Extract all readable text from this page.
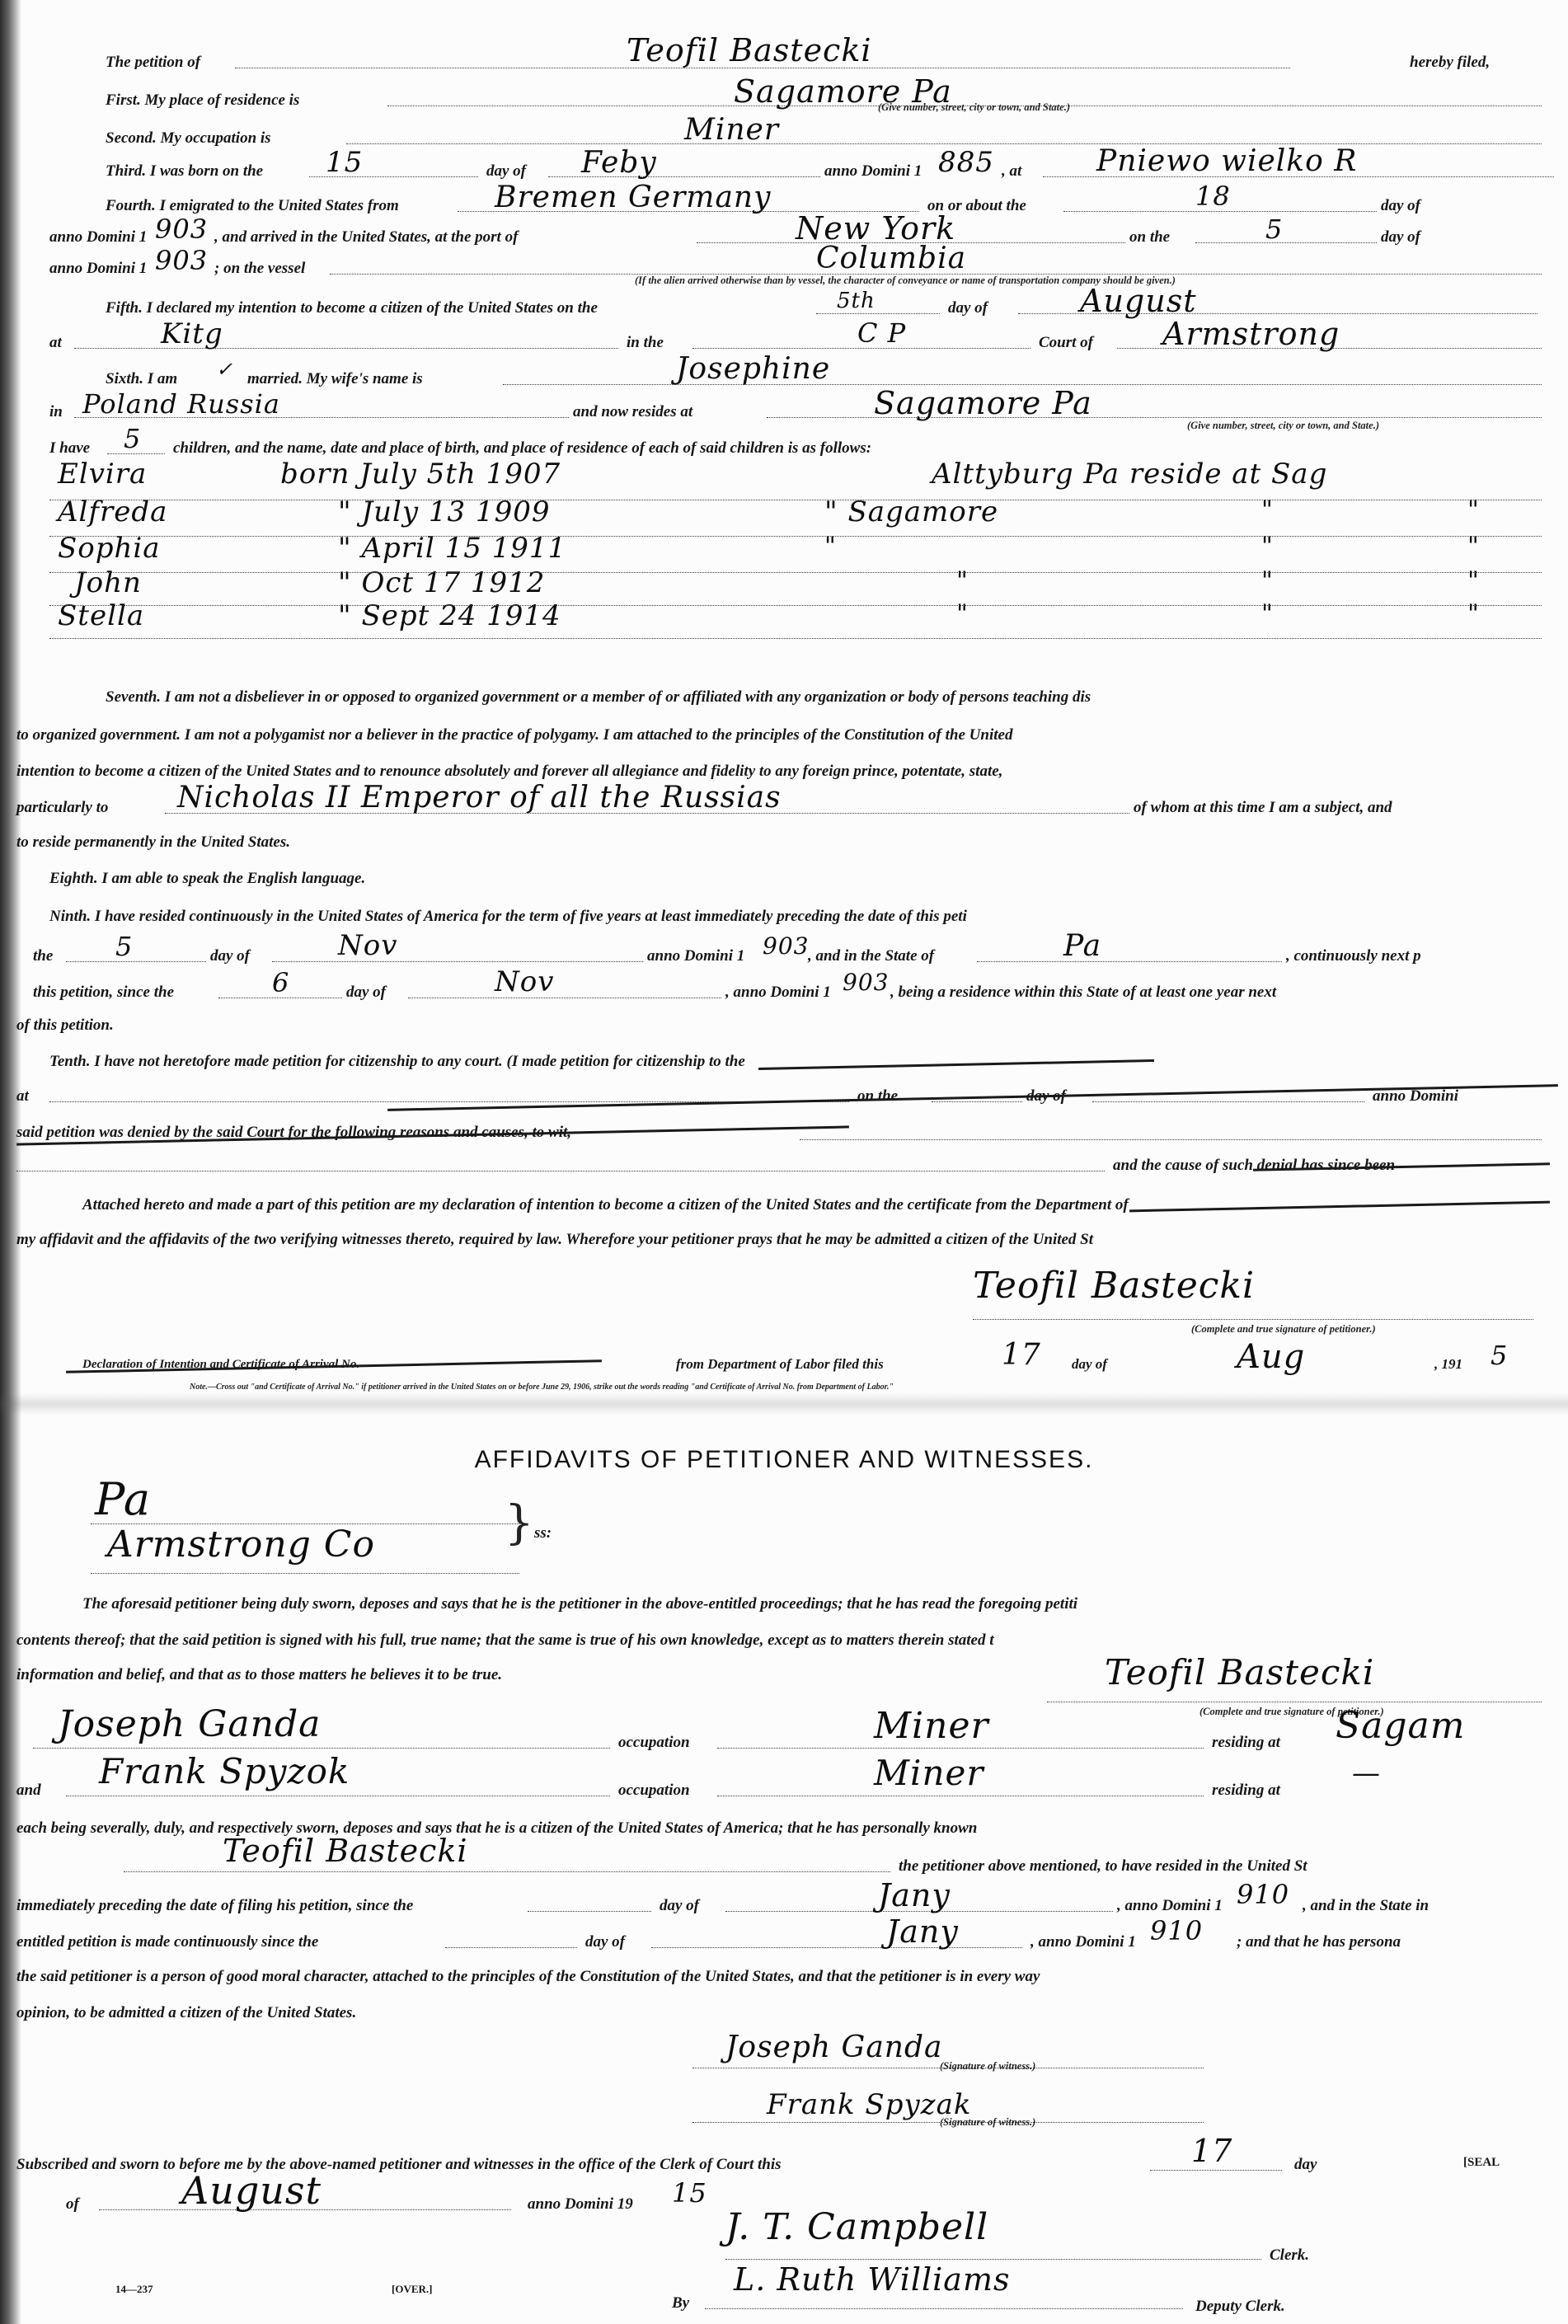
The petition of	Teofil Bastecki	hereby filed,
First. My place of residence is	Sagamore Pa
(Give number, street, city or town, and State.)
Second. My occupation is	Miner
Third. I was born on the 15	day of Feby	anno Domini 1 885 , at	Pniewo wielko R
Fourth. I emigrated to the United States from	Bremen Germany	on or about the	18	day of
anno Domini 1 903 , and arrived in the United States, at the port of	New York	on the	5	day of
anno Domini 1 903 ; on the vessel	Columbia
(If the alien arrived otherwise than by vessel, the character of conveyance or name of transportation company should be given.)
Fifth. I declared my intention to become a citizen of the United States on the	5th	day of	August
at	Kitg	in the	C P	Court of Armstrong
Sixth. I am ✓ married. My wife's name is	Josephine
in Poland Russia	and now resides at	Sagamore Pa
(Give number, street, city or town, and State.)
I have 5 children, and the name, date and place of birth, and place of residence of each of said children is as follows:
Elvira	born July 5th 1907	Alttyburg Pa reside at Sag
Alfreda	" July 13 1909	" Sagamore	"	"
Sophia	" April 15 1911	"	"	"
John	" Oct 17 1912	"	"	"
Stella	" Sept 24 1914	"	"	"
Seventh. I am not a disbeliever in or opposed to organized government or a member of or affiliated with any organization or body of persons teaching dis
to organized government. I am not a polygamist nor a believer in the practice of polygamy. I am attached to the principles of the Constitution of the United
intention to become a citizen of the United States and to renounce absolutely and forever all allegiance and fidelity to any foreign prince, potentate, state,
particularly to Nicholas II Emperor of all the Russias	of whom at this time I am a subject, and
to reside permanently in the United States.
Eighth. I am able to speak the English language.
Ninth. I have resided continuously in the United States of America for the term of five years at least immediately preceding the date of this peti
the 5	day of	Nov	anno Domini 1 903
, and in the State of	Pa	, continuously next p
this petition, since the	6	day of	Nov	, anno Domini 1 903 , being a residence within this State of at least one year next
of this petition.
Tenth. I have not heretofore made petition for citizenship to any court. (I made petition for citizenship to the
at	on the	day of	anno Domini
said petition was denied by the said Court for the following reasons and causes, to wit,
and the cause of such denial has since been
Attached hereto and made a part of this petition are my declaration of intention to become a citizen of the United States and the certificate from the Department of
my affidavit and the affidavits of the two verifying witnesses thereto, required by law. Wherefore your petitioner prays that he may be admitted a citizen of the United St
Teofil Bastecki
(Complete and true signature of petitioner.)
Declaration of Intention and Certificate of Arrival No.	from Department of Labor filed this	17 day of	Aug	, 191 5
Note.—Cross out "and Certificate of Arrival No." if petitioner arrived in the United States on or before June 29, 1906, strike out the words reading "and Certificate of Arrival No. from Department of Labor."
AFFIDAVITS OF PETITIONER AND WITNESSES.
Pa
Armstrong Co	} ss:
The aforesaid petitioner being duly sworn, deposes and says that he is the petitioner in the above-entitled proceedings; that he has read the foregoing petiti
contents thereof; that the said petition is signed with his full, true name; that the same is true of his own knowledge, except as to matters therein stated t
information and belief, and that as to those matters he believes it to be true.	Teofil Bastecki
(Complete and true signature of petitioner.)
Joseph Ganda	occupation	Miner	residing at Sagam
and Frank Spyzok	occupation	Miner	residing at
—
each being severally, duly, and respectively sworn, deposes and says that he is a citizen of the United States of America; that he has personally known
Teofil Bastecki	the petitioner above mentioned, to have resided in the United St
immediately preceding the date of filing his petition, since the	day of	Jany	, anno Domini 1 910 , and in the State in
entitled petition is made continuously since the	day of	Jany	, anno Domini 1 910 ; and that he has persona
the said petitioner is a person of good moral character, attached to the principles of the Constitution of the United States, and that the petitioner is in every way
opinion, to be admitted a citizen of the United States.
Joseph Ganda
(Signature of witness.)
Frank Spyzak
(Signature of witness.)
Subscribed and sworn to before me by the above-named petitioner and witnesses in the office of the Clerk of Court this	17	day	[SEAL
of	August	anno Domini 19 15
J. T. Campbell
Clerk.
14—237	[OVER.]
By
L. Ruth Williams
Deputy Clerk.
